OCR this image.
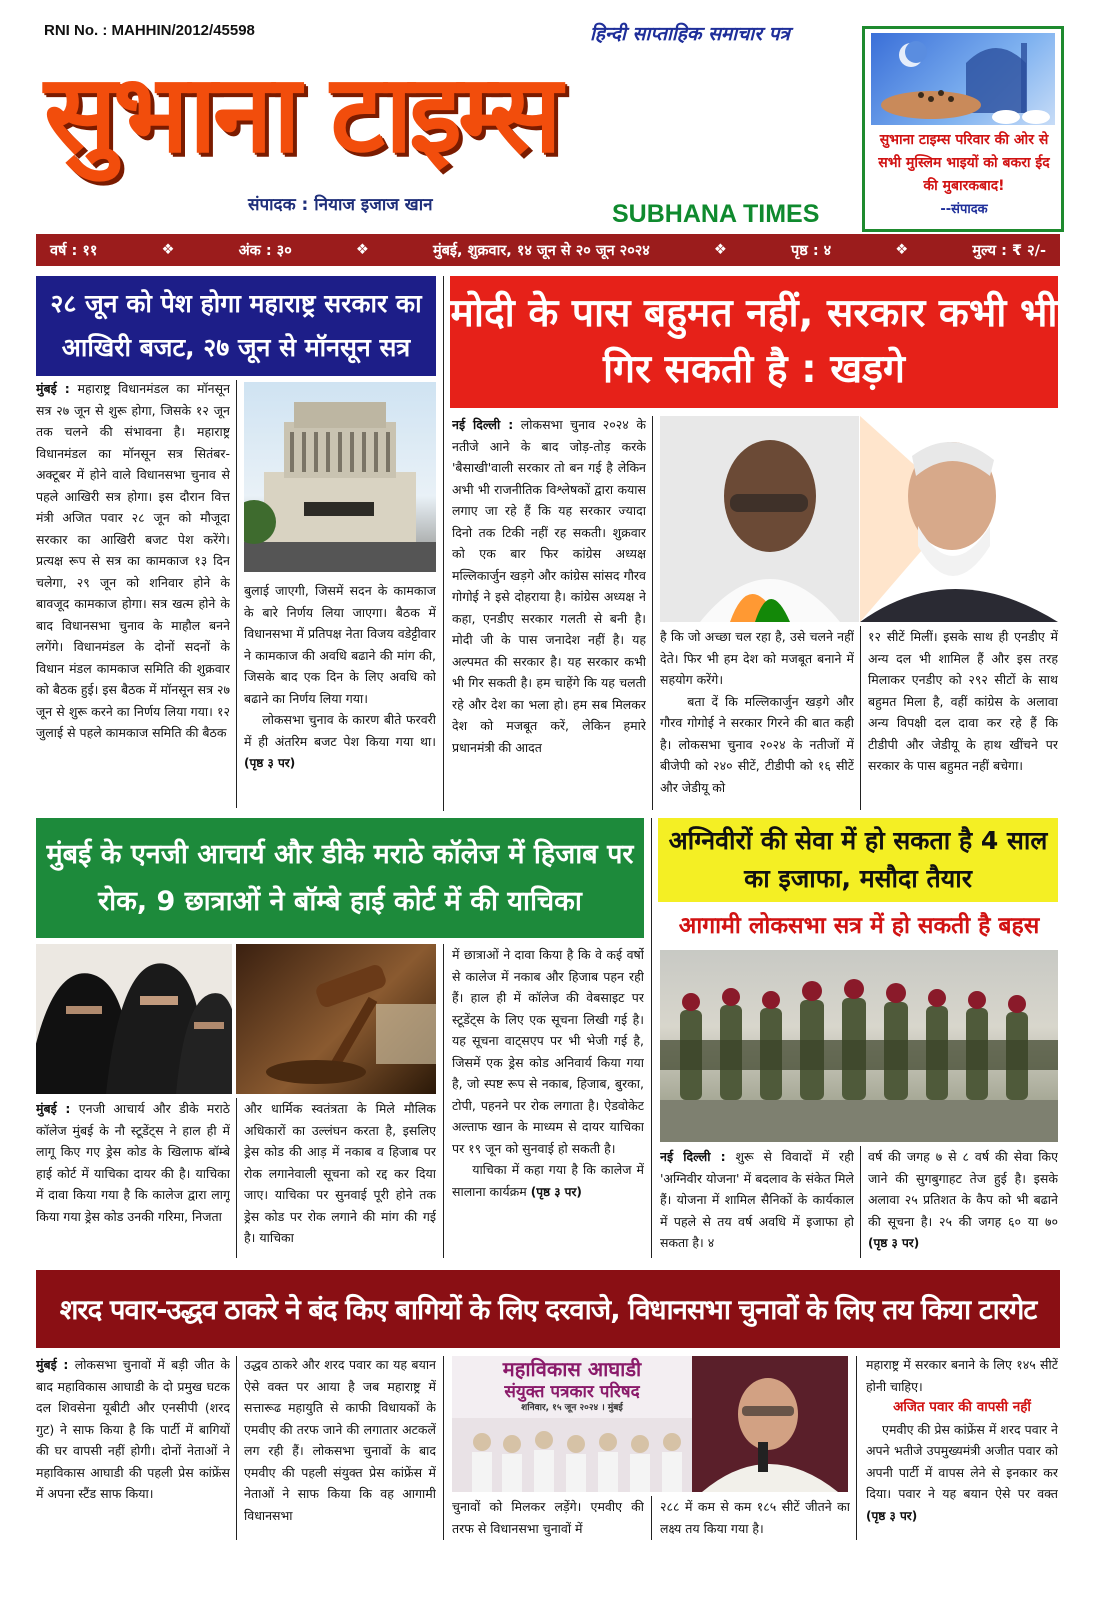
RNI No. : MAHHIN/2012/45598	हिन्दी साप्ताहिक समाचार पत्र
सुभाना टाइम्स
संपादक : नियाज इजाज खान	SUBHANA TIMES
सुभाना टाइम्स परिवार की ओर से सभी मुस्लिम भाइयों को बकरा ईद की मुबारकबाद!
--संपादक
वर्ष : ११	❖	अंक : ३०	❖	मुंबई, शुक्रवार, १४ जून से २० जून २०२४	❖	पृष्ठ : ४	❖	मुल्य : ₹ २/-
२८ जून को पेश होगा महाराष्ट्र सरकार का आखिरी बजट, २७ जून से मॉनसून सत्र
मुंबई : महाराष्ट्र विधानमंडल का मॉनसून सत्र २७ जून से शुरू होगा, जिसके १२ जून तक चलने की संभावना है। महाराष्ट्र विधानमंडल का मॉनसून सत्र सितंबर-अक्टूबर में होने वाले विधानसभा चुनाव से पहले आखिरी सत्र होगा। इस दौरान वित्त मंत्री अजित पवार २८ जून को मौजूदा सरकार का आखिरी बजट पेश करेंगे। प्रत्यक्ष रूप से सत्र का कामकाज १३ दिन चलेगा, २९ जून को शनिवार होने के बावजूद कामकाज होगा। सत्र खत्म होने के बाद विधानसभा चुनाव के माहौल बनने लगेंगे। विधानमंडल के दोनों सदनों के विधान मंडल कामकाज समिति की शुक्रवार को बैठक हुई। इस बैठक में मॉनसून सत्र २७ जून से शुरू करने का निर्णय लिया गया। १२ जुलाई से पहले कामकाज समिति की बैठक
बुलाई जाएगी, जिसमें सदन के कामकाज के बारे निर्णय लिया जाएगा। बैठक में विधानसभा में प्रतिपक्ष नेता विजय वडेट्टीवार ने कामकाज की अवधि बढाने की मांग की, जिसके बाद एक दिन के लिए अवधि को बढाने का निर्णय लिया गया।
लोकसभा चुनाव के कारण बीते फरवरी में ही अंतरिम बजट पेश किया गया था। (पृष्ठ ३ पर)
मोदी के पास बहुमत नहीं, सरकार कभी भी गिर सकती है : खड़गे
नई दिल्ली : लोकसभा चुनाव २०२४ के नतीजे आने के बाद जोड़-तोड़ करके 'बैसाखी'वाली सरकार तो बन गई है लेकिन अभी भी राजनीतिक विश्लेषकों द्वारा कयास लगाए जा रहे हैं कि यह सरकार ज्यादा दिनो तक टिकी नहीं रह सकती। शुक्रवार को एक बार फिर कांग्रेस अध्यक्ष मल्लिकार्जुन खड़गे और कांग्रेस सांसद गौरव गोगोई ने इसे दोहराया है। कांग्रेस अध्यक्ष ने कहा, एनडीए सरकार गलती से बनी है। मोदी जी के पास जनादेश नहीं है। यह अल्पमत की सरकार है। यह सरकार कभी भी गिर सकती है। हम चाहेंगे कि यह चलती रहे और देश का भला हो। हम सब मिलकर देश को मजबूत करें, लेकिन हमारे प्रधानमंत्री की आदत
है कि जो अच्छा चल रहा है, उसे चलने नहीं देते। फिर भी हम देश को मजबूत बनाने में सहयोग करेंगे।
बता दें कि मल्लिकार्जुन खड़गे और गौरव गोगोई ने सरकार गिरने की बात कही है। लोकसभा चुनाव २०२४ के नतीजों में बीजेपी को २४० सीटें, टीडीपी को १६ सीटें और जेडीयू को
१२ सीटें मिलीं। इसके साथ ही एनडीए में अन्य दल भी शामिल हैं और इस तरह मिलाकर एनडीए को २९२ सीटों के साथ बहुमत मिला है, वहीं कांग्रेस के अलावा अन्य विपक्षी दल दावा कर रहे हैं कि टीडीपी और जेडीयू के हाथ खींचने पर सरकार के पास बहुमत नहीं बचेगा।
मुंबई के एनजी आचार्य और डीके मराठे कॉलेज में हिजाब पर रोक, 9 छात्राओं ने बॉम्बे हाई कोर्ट में की याचिका
मुंबई : एनजी आचार्य और डीके मराठे कॉलेज मुंबई के नौ स्टूडेंट्स ने हाल ही में लागू किए गए ड्रेस कोड के खिलाफ बॉम्बे हाई कोर्ट में याचिका दायर की है। याचिका में दावा किया गया है कि कालेज द्वारा लागू किया गया ड्रेस कोड उनकी गरिमा, निजता
और धार्मिक स्वतंत्रता के मिले मौलिक अधिकारों का उल्लंघन करता है, इसलिए ड्रेस कोड की आड़ में नकाब व हिजाब पर रोक लगानेवाली सूचना को रद्द कर दिया जाए। याचिका पर सुनवाई पूरी होने तक ड्रेस कोड पर रोक लगाने की मांग की गई है। याचिका
में छात्राओं ने दावा किया है कि वे कई वर्षो से कालेज में नकाब और हिजाब पहन रही हैं। हाल ही में कॉलेज की वेबसाइट पर स्टूडेंट्स के लिए एक सूचना लिखी गई है। यह सूचना वाट्सएप पर भी भेजी गई है, जिसमें एक ड्रेस कोड अनिवार्य किया गया है, जो स्पष्ट रूप से नकाब, हिजाब, बुरका, टोपी, पहनने पर रोक लगाता है। ऐडवोकेट अल्ताफ खान के माध्यम से दायर याचिका पर १९ जून को सुनवाई हो सकती है।
याचिका में कहा गया है कि कालेज में सालाना कार्यक्रम (पृष्ठ ३ पर)
अग्निवीरों की सेवा में हो सकता है 4 साल का इजाफा, मसौदा तैयार
आगामी लोकसभा सत्र में हो सकती है बहस
नई दिल्ली : शुरू से विवादों में रही 'अग्निवीर योजना' में बदलाव के संकेत मिले हैं। योजना में शामिल सैनिकों के कार्यकाल में पहले से तय वर्ष अवधि में इजाफा हो सकता है। ४
वर्ष की जगह ७ से ८ वर्ष की सेवा किए जाने की सुगबुगाहट तेज हुई है। इसके अलावा २५ प्रतिशत के कैप को भी बढाने की सूचना है। २५ की जगह ६० या ७० (पृष्ठ ३ पर)
शरद पवार-उद्धव ठाकरे ने बंद किए बागियों के लिए दरवाजे, विधानसभा चुनावों के लिए तय किया टारगेट
मुंबई : लोकसभा चुनावों में बड़ी जीत के बाद महाविकास आघाडी के दो प्रमुख घटक दल शिवसेना यूबीटी और एनसीपी (शरद गुट) ने साफ किया है कि पार्टी में बागियों की घर वापसी नहीं होगी। दोनों नेताओं ने महाविकास आघाडी की पहली प्रेस कांफ्रेंस में अपना स्टैंड साफ किया।
उद्धव ठाकरे और शरद पवार का यह बयान ऐसे वक्त पर आया है जब महाराष्ट्र में सत्तारूढ महायुति से काफी विधायकों के एमवीए की तरफ जाने की लगातार अटकलें लग रही हैं। लोकसभा चुनावों के बाद एमवीए की पहली संयुक्त प्रेस कांफ्रेंस में नेताओं ने साफ किया कि वह आगामी विधानसभा
महाविकास आघाडी
संयुक्त पत्रकार परिषद
शनिवार, १५ जून २०२४ । मुंबई
चुनावों को मिलकर लड़ेंगे। एमवीए की तरफ से विधानसभा चुनावों में
२८८ में कम से कम १८५ सीटें जीतने का लक्ष्य तय किया गया है।
महाराष्ट्र में सरकार बनाने के लिए १४५ सीटें होनी चाहिए।
अजित पवार की वापसी नहीं
एमवीए की प्रेस कांफ्रेंस में शरद पवार ने अपने भतीजे उपमुख्यमंत्री अजीत पवार को अपनी पार्टी में वापस लेने से इनकार कर दिया। पवार ने यह बयान ऐसे पर वक्त (पृष्ठ ३ पर)
